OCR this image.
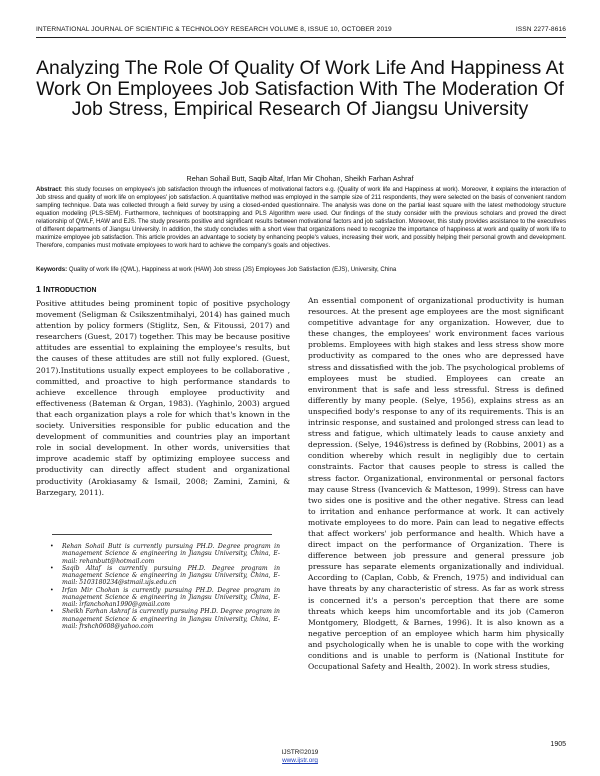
INTERNATIONAL JOURNAL OF SCIENTIFIC & TECHNOLOGY RESEARCH VOLUME 8, ISSUE 10, OCTOBER 2019	ISSN 2277-8616
Analyzing The Role Of Quality Of Work Life And Happiness At Work On Employees Job Satisfaction With The Moderation Of Job Stress, Empirical Research Of Jiangsu University
Rehan Sohail Butt, Saqib Altaf, Irfan Mir Chohan, Sheikh Farhan Ashraf
Abstract: this study focuses on employee's job satisfaction through the influences of motivational factors e.g. (Quality of work life and Happiness at work). Moreover, it explains the interaction of Job stress and quality of work life on employees' job satisfaction. A quantitative method was employed in the sample size of 211 respondents, they were selected on the basis of convenient random sampling technique. Data was collected through a field survey by using a closed-ended questionnaire. The analysis was done on the partial least square with the latest methodology structure equation modeling (PLS-SEM). Furthermore, techniques of bootstrapping and PLS Algorithm were used. Our findings of the study consider with the previous scholars and proved the direct relationship of QWLF, HAW and EJS. The study presents positive and significant results between motivational factors and job satisfaction. Moreover, this study provides assistance to the executives of different departments of Jiangsu University. In addition, the study concludes with a short view that organizations need to recognize the importance of happiness at work and quality of work life to maximize employee job satisfaction. This article provides an advantage to society by enhancing people's values, increasing their work, and possibly helping their personal growth and development. Therefore, companies must motivate employees to work hard to achieve the company's goals and objectives.
Keywords: Quality of work life (QWL), Happiness at work (HAW) Job stress (JS) Employees Job Satisfaction (EJS), University, China
1 INTRODUCTION

Positive attitudes being prominent topic of positive psychology movement (Seligman & Csikszentmihalyi, 2014) has gained much attention by policy formers (Stiglitz, Sen, & Fitoussi, 2017) and researchers (Guest, 2017) together. This may be because positive attitudes are essential to explaining the employee's results, but the causes of these attitudes are still not fully explored. (Guest, 2017).Institutions usually expect employees to be collaborative , committed, and proactive to high performance standards to achieve excellence through employee productivity and effectiveness (Bateman & Organ, 1983). (Yaghinlo, 2003) argued that each organization plays a role for which that's known in the society. Universities responsible for public education and the development of communities and countries play an important role in social development. In other words, universities that improve academic staff by optimizing employee success and productivity can directly affect student and organizational productivity (Arokiasamy & Ismail, 2008; Zamini, Zamini, & Barzegary, 2011).

An essential component of organizational productivity is human resources. At the present age employees are the most significant competitive advantage for any organization. However, due to these changes, the employees' work environment faces various problems. Employees with high stakes and less stress show more productivity as compared to the ones who are depressed have stress and dissatisfied with the job. The psychological problems of employees must be studied. Employees can create an environment that is safe and less stressful. Stress is defined differently by many people. (Selye, 1956), explains stress as an unspecified body's response to any of its requirements. This is an intrinsic response, and sustained and prolonged stress can lead to stress and fatigue, which ultimately leads to cause anxiety and depression. (Selye, 1946)stress is defined by (Robbins, 2001) as a condition whereby which result in negligibly due to certain constraints. Factor that causes people to stress is called the stress factor. Organizational, environmental or personal factors may cause Stress (Ivancevich & Matteson, 1999). Stress can have two sides one is positive and the other negative. Stress can lead to irritation and enhance performance at work. It can actively motivate employees to do more. Pain can lead to negative effects that affect workers' job performance and health. Which have a direct impact on the performance of Organization. There is difference between job pressure and general pressure job pressure has separate elements organizationally and individual. According to (Caplan, Cobb, & French, 1975) and individual can have threats by any characteristic of stress. As far as work stress is concerned it's a person's perception that there are some threats which keeps him uncomfortable and its job (Cameron Montgomery, Blodgett, & Barnes, 1996). It is also known as a negative perception of an employee which harm him physically and psychologically when he is unable to cope with the working conditions and is unable to perform is (National Institute for Occupational Safety and Health, 2002). In work stress studies,

• Rehan Sohail Butt is currently pursuing PH.D. Degree program in management Science & engineering in Jiangsu University, China, E-mail: rehanbutt@hotmail.com
• Saqib Altaf is currently pursuing PH.D. Degree program in management Science & engineering in Jiangsu University, China, E-mail: 5103180234@stmail.ujs.edu.cn
• Irfan Mir Chohan is currently pursuing PH.D. Degree program in management Science & engineering in Jiangsu University, China, E-mail: irfanchohan1990@gmail.com
• Sheikh Farhan Ashraf is currently pursuing PH.D. Degree program in management Science & engineering in Jiangsu University, China, E-mail: frshch0608@yahoo.com
1905
IJSTR©2019
www.ijstr.org
